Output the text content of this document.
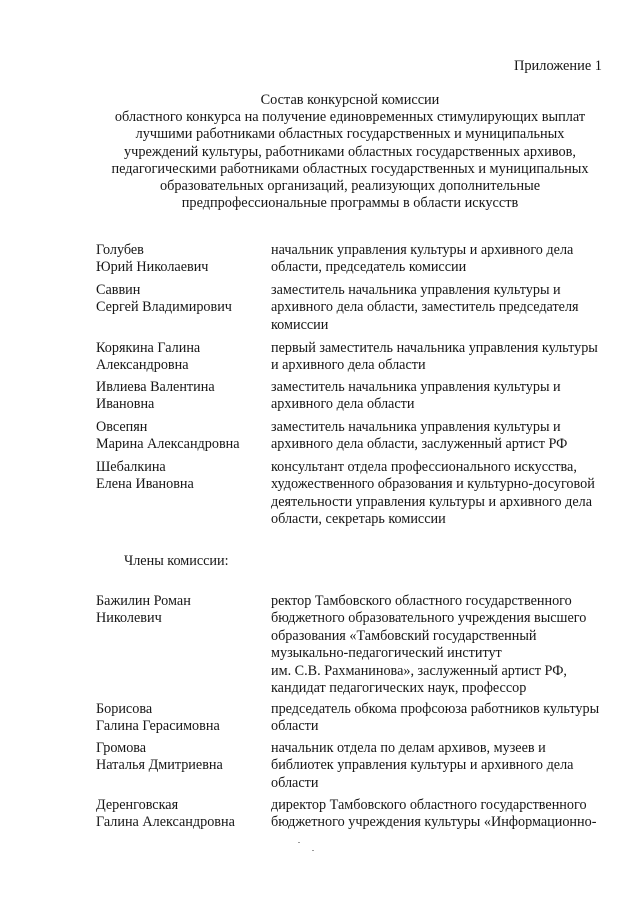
Приложение 1
Состав конкурсной комиссии
областного конкурса на получение единовременных стимулирующих выплат
лучшими работниками областных государственных и муниципальных
учреждений культуры, работниками областных государственных архивов,
педагогическими работниками областных государственных и муниципальных
образовательных организаций, реализующих дополнительные
предпрофессиональные программы в области искусств
Голубев
Юрий Николаевич
начальник управления культуры и архивного дела
области, председатель комиссии
Саввин
Сергей Владимирович
заместитель начальника управления культуры и
архивного дела области, заместитель председателя
комиссии
Корякина Галина
Александровна
первый заместитель начальника управления культуры
и архивного дела области
Ивлиева Валентина
Ивановна
заместитель начальника управления культуры и
архивного дела области
Овсепян
Марина Александровна
заместитель начальника управления культуры и
архивного дела области, заслуженный артист РФ
Шебалкина
Елена Ивановна
консультант отдела профессионального искусства,
художественного образования и культурно-досуговой
деятельности управления культуры и архивного дела
области, секретарь комиссии
Члены комиссии:
Бажилин Роман
Николевич
ректор Тамбовского областного государственного
бюджетного образовательного учреждения высшего
образования «Тамбовский государственный
музыкально-педагогический институт
им. С.В. Рахманинова», заслуженный артист РФ,
кандидат педагогических наук, профессор
Борисова
Галина Герасимовна
председатель обкома профсоюза работников культуры
области
Громова
Наталья Дмитриевна
начальник отдела по делам архивов, музеев и
библиотек управления культуры и архивного дела
области
Деренговская
Галина Александровна
директор Тамбовского областного государственного
бюджетного учреждения культуры «Информационно-
